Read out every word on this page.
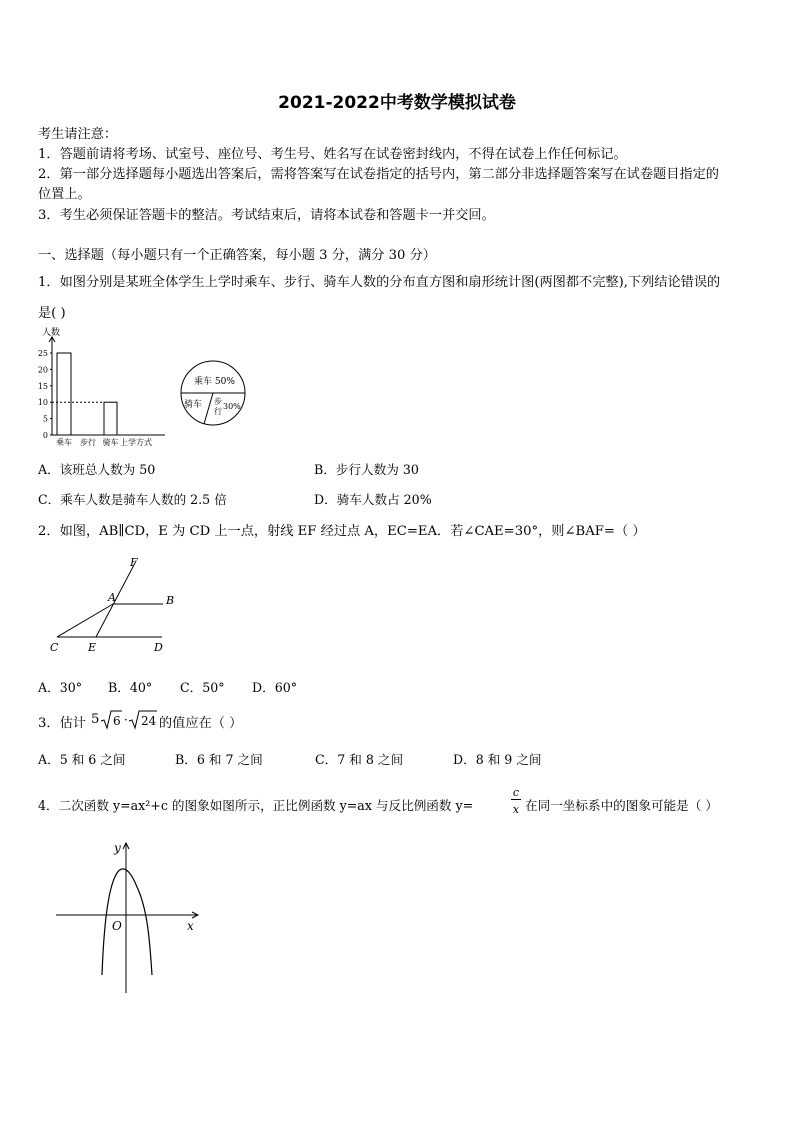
2021-2022中考数学模拟试卷
考生请注意：
1．答题前请将考场、试室号、座位号、考生号、姓名写在试卷密封线内，不得在试卷上作任何标记。
2．第一部分选择题每小题选出答案后，需将答案写在试卷指定的括号内，第二部分非选择题答案写在试卷题目指定的
位置上。
3．考生必须保证答题卡的整洁。考试结束后，请将本试卷和答题卡一并交回。
一、选择题（每小题只有一个正确答案，每小题 3 分，满分 30 分）
1．如图分别是某班全体学生上学时乘车、步行、骑车人数的分布直方图和扇形统计图(两图都不完整),下列结论错误的
是( )
人数
25
20
15
10
5
0
乘车 步行 骑车 上学方式
乘车 50%
骑车 步
行
30%
A．该班总人数为 50	B．步行人数为 30
C．乘车人数是骑车人数的 2.5 倍	D．骑车人数占 20%
2．如图，AB∥CD，E 为 CD 上一点，射线 EF 经过点 A，EC=EA．若∠CAE=30°，则∠BAF=（ ）
F
A	B
C	E	D
A．30° B．40° C．50° D．60°
3．估计 5 6 · 24 的值应在（ ）
A．5 和 6 之间	B．6 和 7 之间	C．7 和 8 之间	D．8 和 9 之间
4．二次函数 y=ax²+c 的图象如图所示，正比例函数 y=ax 与反比例函数 y=
c
x 在同一坐标系中的图象可能是（ ）
y
x
O
